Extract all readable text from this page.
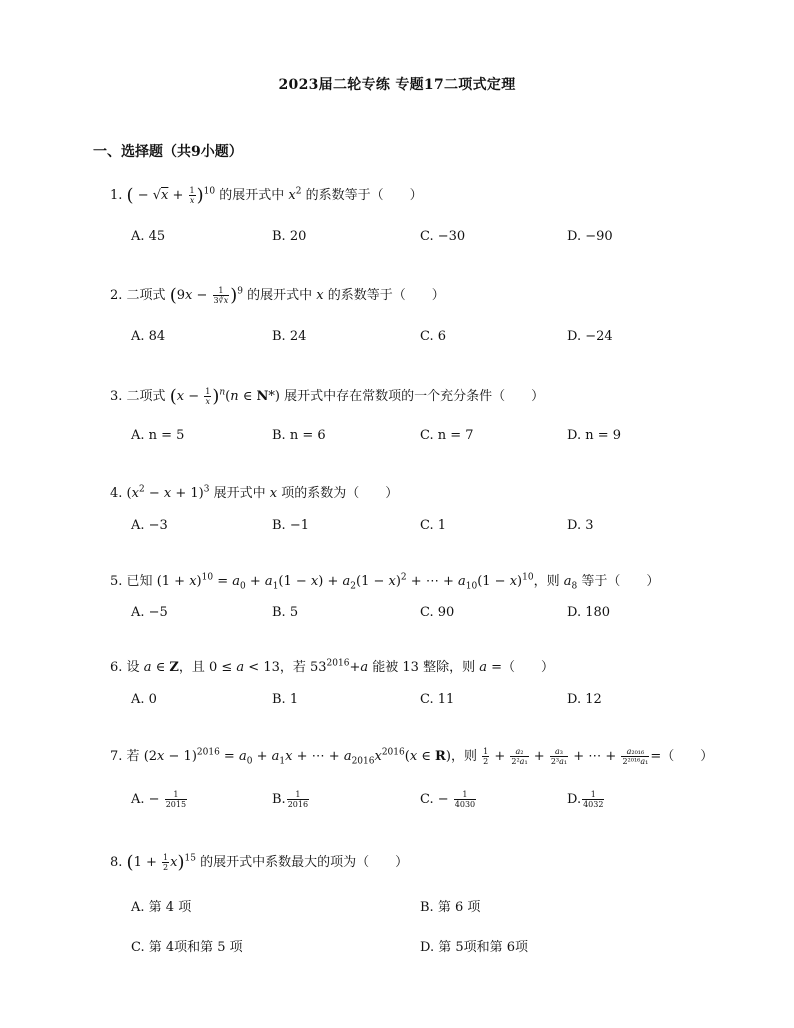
2023届二轮专练 专题17二项式定理
一、选择题（共9小题）
1. ( − $√x + \frac{1}{x} )^{10}$ 的展开式中 $x^2$ 的系数等于（　　）
A. 45	B. 20	C. −30	D. −90
2. 二项式 $(9x - \frac{1}{3∛x} )^9$ 的展开式中 x 的系数等于（　　）
A. 84	B. 24	C. 6	D. −24
3. 二项式 $(x - \frac{1}{x} )^n(n$ ∈ N*) 展开式中存在常数项的一个充分条件（　　）
A. n = 5	B. n = 6	C. n = 7	D. n = 9
4. $(x^2 - x + 1)^3$ 展开式中 x 项的系数为（　　）
A. −3	B. −1	C. 1	D. 3
5. 已知 $(1 + x)^{10} = a_0 + a_1(1 - x) + a_2(1 - x)^2$ + ⋯ + $a_{10}(1 - x)^{10}$，则 $a_8$ 等于（　　）
A. −5	B. 5	C. 90	D. 180
6. 设 a ∈ Z，且 0 ≤ a < 13，若 $53^{2016}+a$ 能被 13 整除，则 a =（　　）
A. 0	B. 1	C. 11	D. 12
7. 若 $(2x - 1)^{2016} = a_0 + a_1x$ + ⋯ + $a_{2016}x^{2016}(x$ ∈ R)，则 $\frac{1}{2} + \frac{\text{a₂}}{\text{2²a₁}} + \frac{\text{a₃}}{\text{2³a₁}}$ + ⋯ + $\frac{\text{a₂₀₁₆}}{\text{2²⁰¹⁶a₁}}$ =（　　）
A. − $\frac{1}{2015}$	B. $\frac{1}{2016}$	C. − $\frac{1}{4030}$	D. $\frac{1}{4032}$
8. $(1 + \frac{1}{2} x)^{15}$ 的展开式中系数最大的项为（　　）
A. 第 4 项	B. 第 6 项
C. 第 4项和第 5 项	D. 第 5项和第 6项
